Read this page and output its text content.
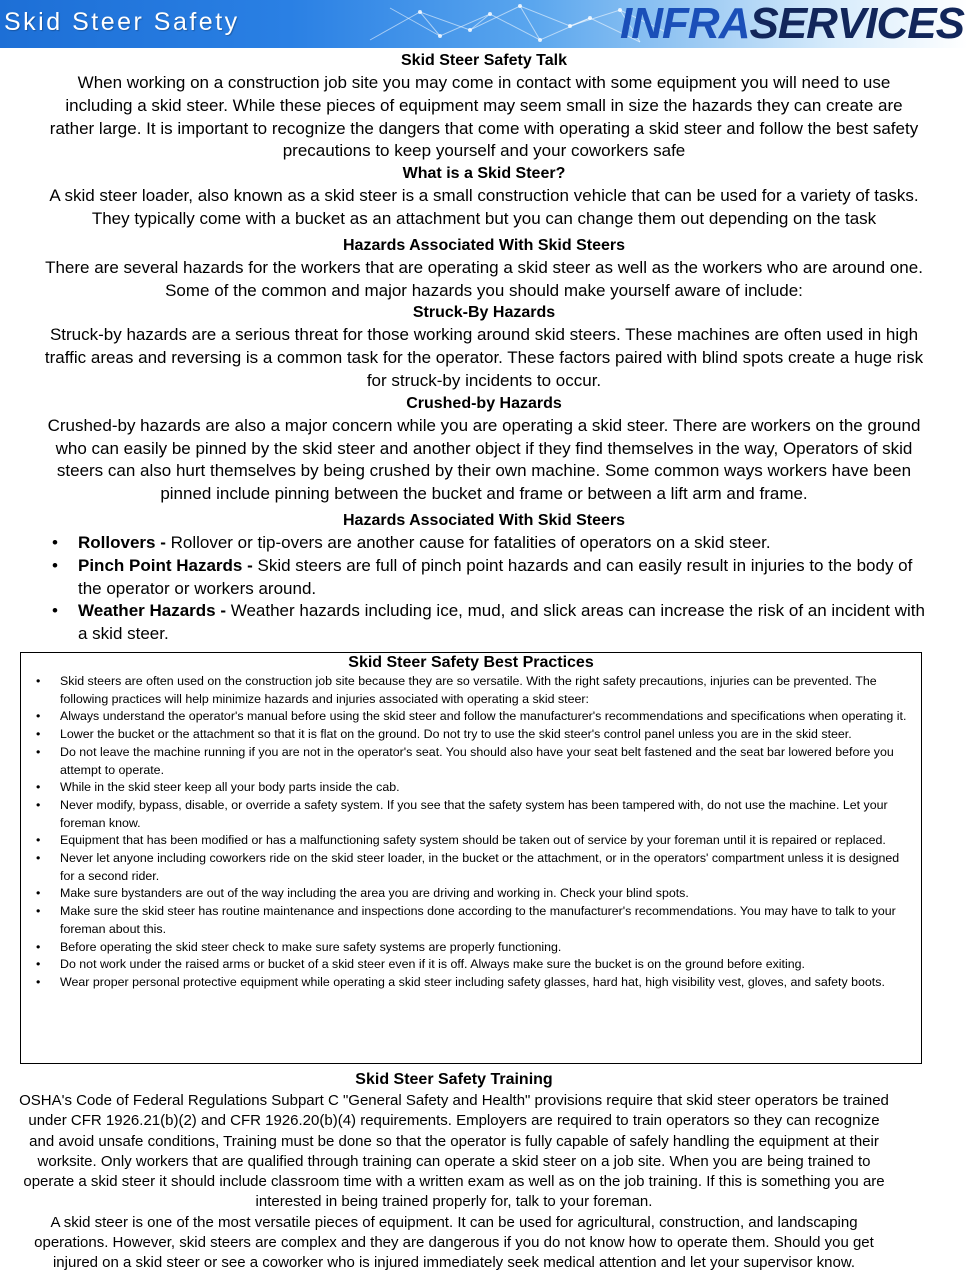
Skid Steer Safety	INFRASERVICES
Skid Steer Safety Talk
When working on a construction job site you may come in contact with some equipment you will need to use including a skid steer. While these pieces of equipment may seem small in size the hazards they can create are rather large. It is important to recognize the dangers that come with operating a skid steer and follow the best safety precautions to keep yourself and your coworkers safe
What is a Skid Steer?
A skid steer loader, also known as a skid steer is a small construction vehicle that can be used for a variety of tasks. They typically come with a bucket as an attachment but you can change them out depending on the task
Hazards Associated With Skid Steers
There are several hazards for the workers that are operating a skid steer as well as the workers who are around one. Some of the common and major hazards you should make yourself aware of include:
Struck-By Hazards
Struck-by hazards are a serious threat for those working around skid steers. These machines are often used in high traffic areas and reversing is a common task for the operator. These factors paired with blind spots create a huge risk for struck-by incidents to occur.
Crushed-by Hazards
Crushed-by hazards are also a major concern while you are operating a skid steer. There are workers on the ground who can easily be pinned by the skid steer and another object if they find themselves in the way, Operators of skid steers can also hurt themselves by being crushed by their own machine. Some common ways workers have been pinned include pinning between the bucket and frame or between a lift arm and frame.
Hazards Associated With Skid Steers
• Rollovers - Rollover or tip-overs are another cause for fatalities of operators on a skid steer.
• Pinch Point Hazards - Skid steers are full of pinch point hazards and can easily result in injuries to the body of the operator or workers around.
• Weather Hazards - Weather hazards including ice, mud, and slick areas can increase the risk of an incident with a skid steer.
Skid Steer Safety Best Practices
• Skid steers are often used on the construction job site because they are so versatile. With the right safety precautions, injuries can be prevented. The following practices will help minimize hazards and injuries associated with operating a skid steer:
• Always understand the operator's manual before using the skid steer and follow the manufacturer's recommendations and specifications when operating it.
• Lower the bucket or the attachment so that it is flat on the ground. Do not try to use the skid steer's control panel unless you are in the skid steer.
• Do not leave the machine running if you are not in the operator's seat. You should also have your seat belt fastened and the seat bar lowered before you attempt to operate.
• While in the skid steer keep all your body parts inside the cab.
• Never modify, bypass, disable, or override a safety system. If you see that the safety system has been tampered with, do not use the machine. Let your foreman know.
• Equipment that has been modified or has a malfunctioning safety system should be taken out of service by your foreman until it is repaired or replaced.
• Never let anyone including coworkers ride on the skid steer loader, in the bucket or the attachment, or in the operators' compartment unless it is designed for a second rider.
• Make sure bystanders are out of the way including the area you are driving and working in. Check your blind spots.
• Make sure the skid steer has routine maintenance and inspections done according to the manufacturer's recommendations. You may have to talk to your foreman about this.
• Before operating the skid steer check to make sure safety systems are properly functioning.
• Do not work under the raised arms or bucket of a skid steer even if it is off. Always make sure the bucket is on the ground before exiting.
• Wear proper personal protective equipment while operating a skid steer including safety glasses, hard hat, high visibility vest, gloves, and safety boots.
Skid Steer Safety Training
OSHA's Code of Federal Regulations Subpart C "General Safety and Health" provisions require that skid steer operators be trained under CFR 1926.21(b)(2) and CFR 1926.20(b)(4) requirements. Employers are required to train operators so they can recognize and avoid unsafe conditions, Training must be done so that the operator is fully capable of safely handling the equipment at their worksite. Only workers that are qualified through training can operate a skid steer on a job site. When you are being trained to operate a skid steer it should include classroom time with a written exam as well as on the job training. If this is something you are interested in being trained properly for, talk to your foreman.
A skid steer is one of the most versatile pieces of equipment. It can be used for agricultural, construction, and landscaping operations. However, skid steers are complex and they are dangerous if you do not know how to operate them. Should you get injured on a skid steer or see a coworker who is injured immediately seek medical attention and let your supervisor know.
